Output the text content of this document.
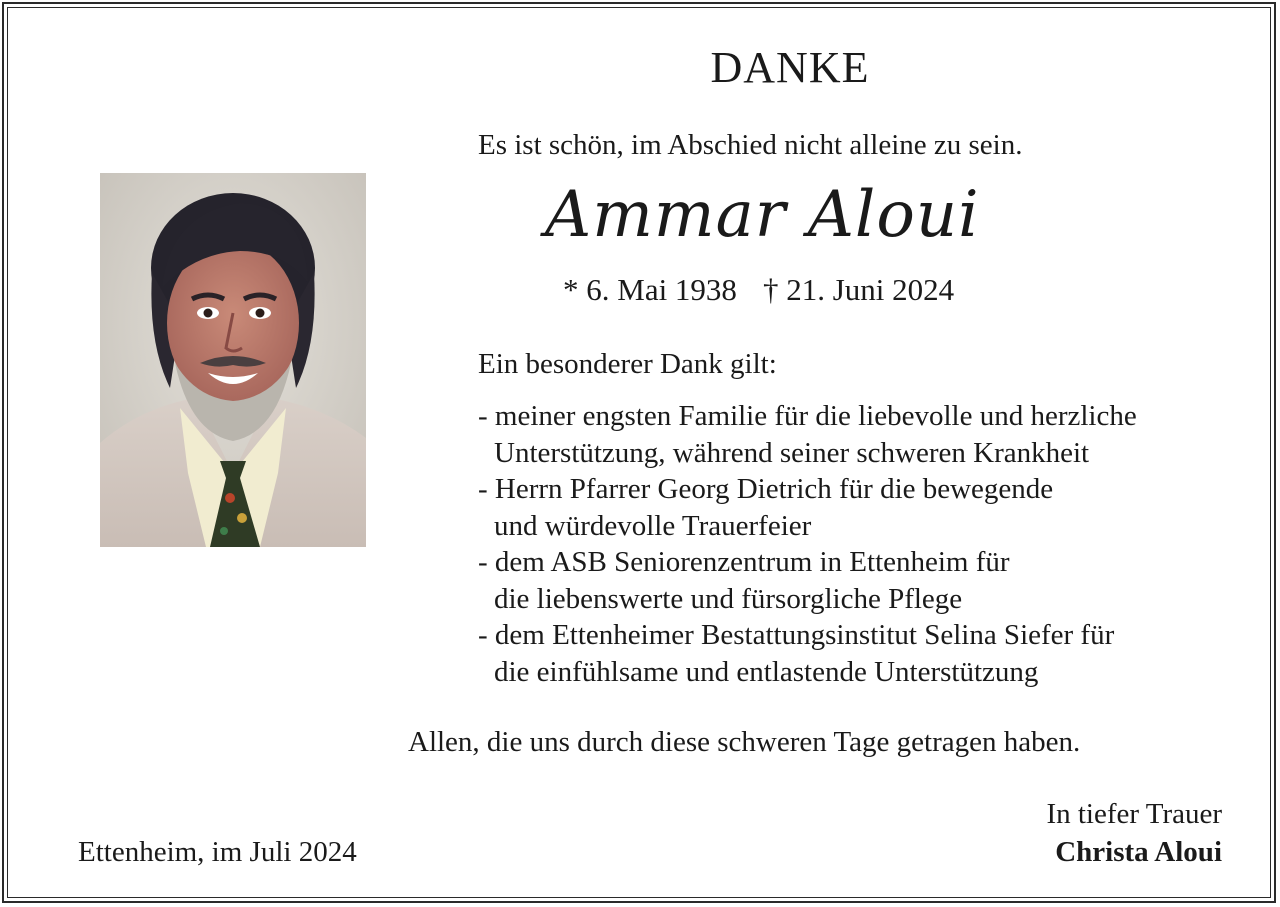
DANKE
Es ist schön, im Abschied nicht alleine zu sein.
Ammar Aloui
* 6. Mai 1938 † 21. Juni 2024
Ein besonderer Dank gilt:
- meiner engsten Familie für die liebevolle und herzliche
Unterstützung, während seiner schweren Krankheit
- Herrn Pfarrer Georg Dietrich für die bewegende
und würdevolle Trauerfeier
- dem ASB Seniorenzentrum in Ettenheim für
die liebenswerte und fürsorgliche Pflege
- dem Ettenheimer Bestattungsinstitut Selina Siefer für
die einfühlsame und entlastende Unterstützung
Allen, die uns durch diese schweren Tage getragen haben.
Ettenheim, im Juli 2024
In tiefer Trauer
Christa Aloui
